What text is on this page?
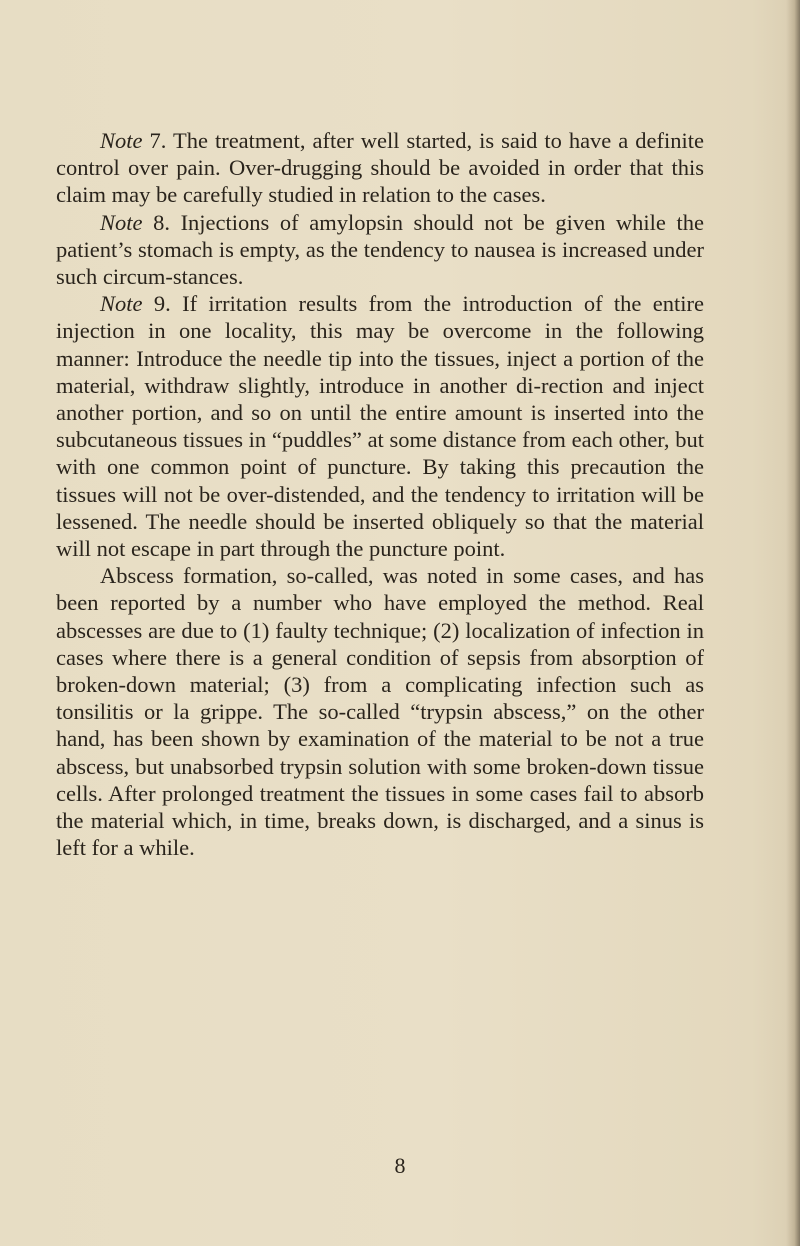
Note 7. The treatment, after well started, is said to have a definite control over pain. Over-drugging should be avoided in order that this claim may be carefully studied in relation to the cases.

Note 8. Injections of amylopsin should not be given while the patient’s stomach is empty, as the tendency to nausea is increased under such circum-stances.

Note 9. If irritation results from the introduction of the entire injection in one locality, this may be overcome in the following manner: Introduce the needle tip into the tissues, inject a portion of the material, withdraw slightly, introduce in another di-rection and inject another portion, and so on until the entire amount is inserted into the subcutaneous tissues in “puddles” at some distance from each other, but with one common point of puncture. By taking this precaution the tissues will not be over-distended, and the tendency to irritation will be lessened. The needle should be inserted obliquely so that the material will not escape in part through the puncture point.

Abscess formation, so-called, was noted in some cases, and has been reported by a number who have employed the method. Real abscesses are due to (1) faulty technique; (2) localization of infection in cases where there is a general condition of sepsis from absorption of broken-down material; (3) from a complicating infection such as tonsilitis or la grippe. The so-called “trypsin abscess,” on the other hand, has been shown by examination of the material to be not a true abscess, but unabsorbed trypsin solution with some broken-down tissue cells. After prolonged treatment the tissues in some cases fail to absorb the material which, in time, breaks down, is discharged, and a sinus is left for a while.

8
